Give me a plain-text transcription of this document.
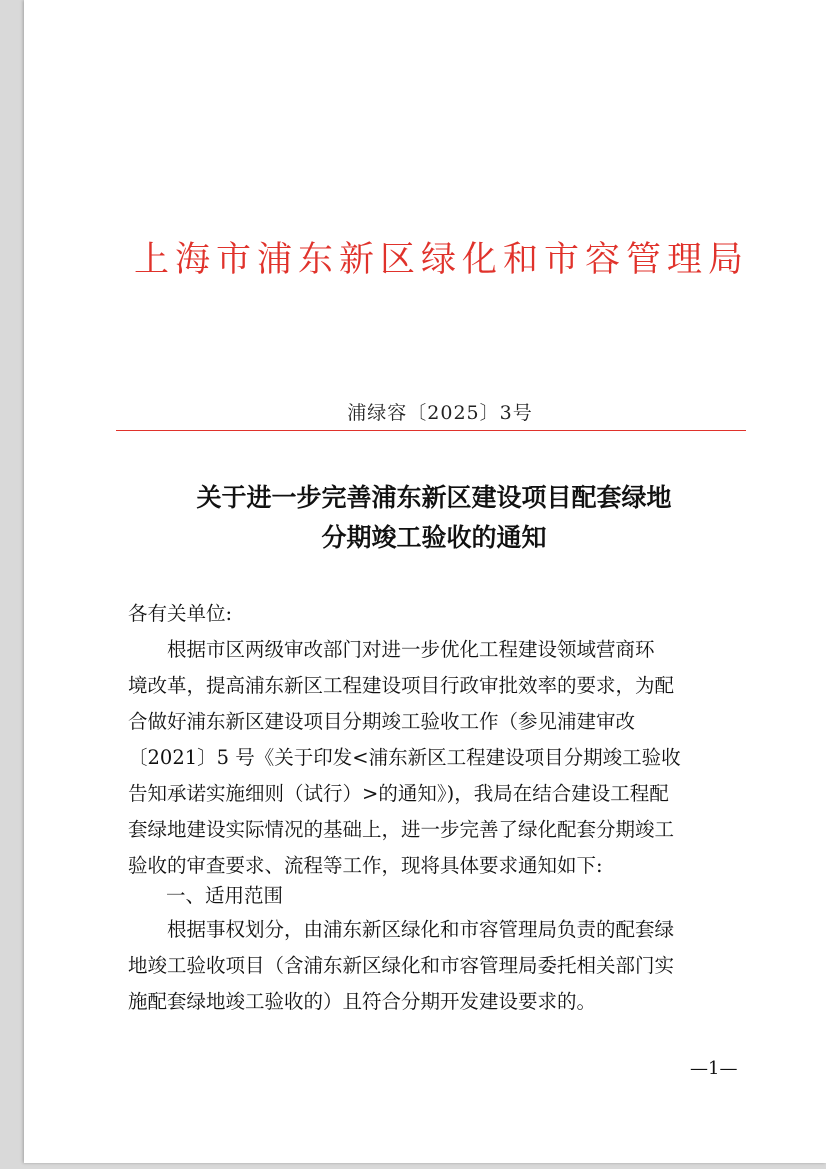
上海市浦东新区绿化和市容管理局
浦绿容〔2025〕3号
关于进一步完善浦东新区建设项目配套绿地
分期竣工验收的通知
各有关单位:
　　根据市区两级审改部门对进一步优化工程建设领域营商环
境改革，提高浦东新区工程建设项目行政审批效率的要求，为配
合做好浦东新区建设项目分期竣工验收工作（参见浦建审改
〔2021〕5 号《关于印发<浦东新区工程建设项目分期竣工验收
告知承诺实施细则（试行）>的通知》)，我局在结合建设工程配
套绿地建设实际情况的基础上，进一步完善了绿化配套分期竣工
验收的审查要求、流程等工作，现将具体要求通知如下:
一、适用范围
　　根据事权划分，由浦东新区绿化和市容管理局负责的配套绿
地竣工验收项目（含浦东新区绿化和市容管理局委托相关部门实
施配套绿地竣工验收的）且符合分期开发建设要求的。
—1—
